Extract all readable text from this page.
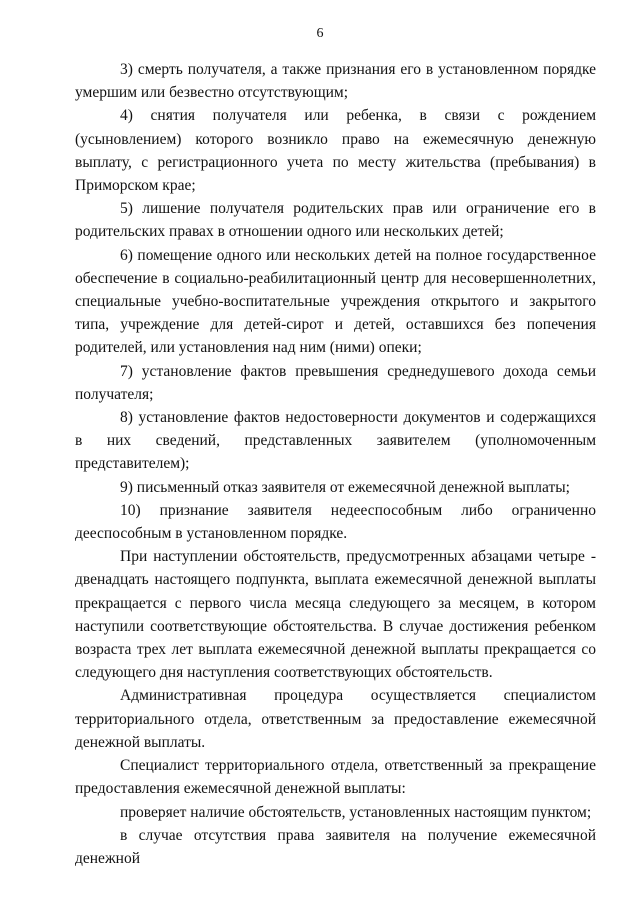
6

3) смерть получателя, а также признания его в установленном порядке умершим или безвестно отсутствующим;

4) снятия получателя или ребенка, в связи с рождением (усыновлением) которого возникло право на ежемесячную денежную выплату, с регистрационного учета по месту жительства (пребывания) в Приморском крае;

5) лишение получателя родительских прав или ограничение его в родительских правах в отношении одного или нескольких детей;

6) помещение одного или нескольких детей на полное государственное обеспечение в социально-реабилитационный центр для несовершеннолетних, специальные учебно-воспитательные учреждения открытого и закрытого типа, учреждение для детей-сирот и детей, оставшихся без попечения родителей, или установления над ним (ними) опеки;

7) установление фактов превышения среднедушевого дохода семьи получателя;

8) установление фактов недостоверности документов и содержащихся в них сведений, представленных заявителем (уполномоченным представителем);

9) письменный отказ заявителя от ежемесячной денежной выплаты;

10) признание заявителя недееспособным либо ограниченно дееспособным в установленном порядке.

При наступлении обстоятельств, предусмотренных абзацами четыре - двенадцать настоящего подпункта, выплата ежемесячной денежной выплаты прекращается с первого числа месяца следующего за месяцем, в котором наступили соответствующие обстоятельства. В случае достижения ребенком возраста трех лет выплата ежемесячной денежной выплаты прекращается со следующего дня наступления соответствующих обстоятельств.

Административная процедура осуществляется специалистом территориального отдела, ответственным за предоставление ежемесячной денежной выплаты.

Специалист территориального отдела, ответственный за прекращение предоставления ежемесячной денежной выплаты:

проверяет наличие обстоятельств, установленных настоящим пунктом;

в случае отсутствия права заявителя на получение ежемесячной денежной
